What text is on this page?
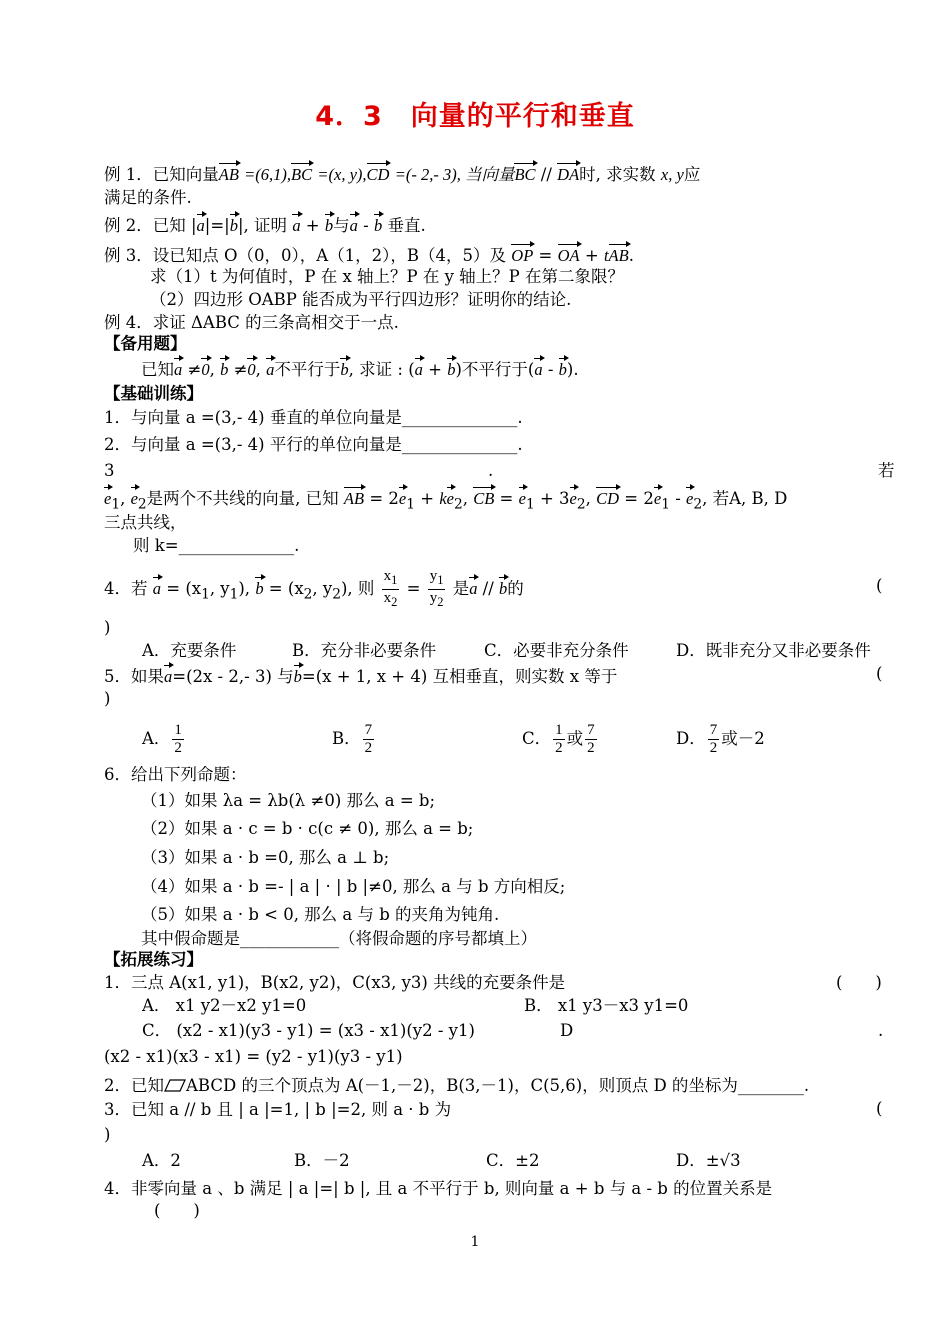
4．3　向量的平行和垂直
例 1．已知向量AB =(6,1),BC =(x, y),CD =(- 2,- 3), 当向量BC // DA时, 求实数 x, y应
满足的条件.
例 2．已知 |a|=|b|, 证明 a + b与a - b 垂直.
例 3．设已知点 O（0，0），A（1，2），B（4，5）及 OP = OA + tAB.
求（1）t 为何值时，P 在 x 轴上？P 在 y 轴上？P 在第二象限？
（2）四边形 OABP 能否成为平行四边形？证明你的结论.
例 4．求证 ΔABC 的三条高相交于一点.
【备用题】
已知a ≠0, b ≠0, a不平行于b, 求证 : (a + b)不平行于(a - b).
【基础训练】
1．与向量 a =(3,- 4) 垂直的单位向量是______________.
2．与向量 a =(3,- 4) 平行的单位向量是______________.
3	.	若
$e_1$, $e_2$是两个不共线的向量, 已知 AB = $2e_1 + ke_2$, CB = $e_1 + 3e_2$, CD = $2e_1 - e_2$, 若A, B, D
三点共线，
则 k=______________.
4．若 $a = (x_1$, $y_1$), $b = (x_2$, $y_2$), 则 $\frac{x_1}{x_2} = \frac{y_1}{y_2}$ 是a // b的	(
)
A．充要条件	B．充分非必要条件	C．必要非充分条件	D．既非充分又非必要条件
5．如果a=(2x - 2,- 3) 与b=(x + 1, x + 4) 互相垂直，则实数 x 等于	(
)
A． $\frac{1}{2}$	B． $\frac{7}{2}$	C． $\frac{1}{2}$ 或 $\frac{7}{2}$	D． $\frac{7}{2}$ 或－2
6．给出下列命题：
（1）如果 λa = λb(λ ≠0) 那么 a = b;
（2）如果 a · c = b · c(c ≠ 0), 那么 a = b;
（3）如果 a · b =0, 那么 a ⊥ b;
（4）如果 a · b =- | a | · | b |≠0, 那么 a 与 b 方向相反;
（5）如果 a · b < 0, 那么 a 与 b 的夹角为钝角.
其中假命题是____________（将假命题的序号都填上）
【拓展练习】
1．三点 A(x1, y1)，B(x2, y2)，C(x3, y3) 共线的充要条件是	(　　)
A． x1 y2－x2 y1=0	B． x1 y3－x3 y1=0
C． (x2 - x1)(y3 - y1) = (x3 - x1)(y2 - y1)	D	.
(x2 - x1)(x3 - x1) = (y2 - y1)(y3 - y1)
2．已知 ABCD 的三个顶点为 A(－1,－2)，B(3,－1)，C(5,6)，则顶点 D 的坐标为________.
3．已知 a // b 且 | a |=1, | b |=2, 则 a · b 为	(
)
A．2	B．－2	C．±2	D．±√3
4．非零向量 a 、b 满足 | a |=| b |, 且 a 不平行于 b, 则向量 a + b 与 a - b 的位置关系是
(　　)
1
